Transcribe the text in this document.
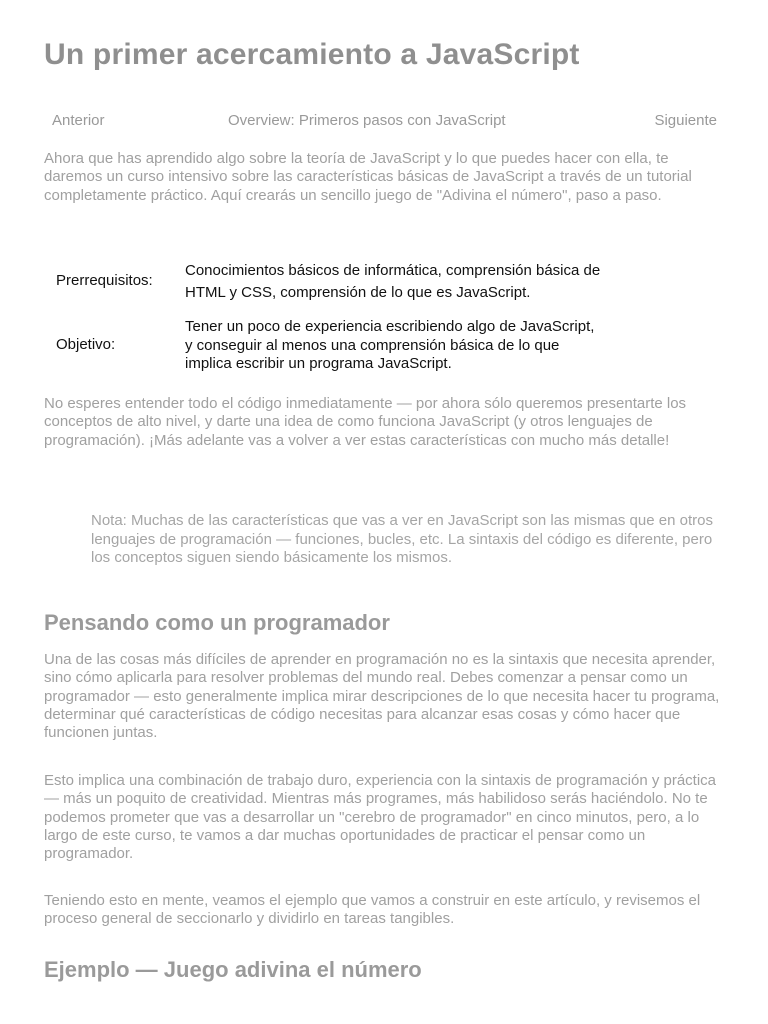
Un primer acercamiento a JavaScript
Anterior	Overview: Primeros pasos con JavaScript	Siguiente

Ahora que has aprendido algo sobre la teoría de JavaScript y lo que puedes hacer con ella, te daremos un curso intensivo sobre las características básicas de JavaScript a través de un tutorial completamente práctico. Aquí crearás un sencillo juego de "Adivina el número", paso a paso.

Prerrequisitos:
Conocimientos básicos de informática, comprensión básica de
HTML y CSS, comprensión de lo que es JavaScript.
Objetivo:
Tener un poco de experiencia escribiendo algo de JavaScript,
y conseguir al menos una comprensión básica de lo que
implica escribir un programa JavaScript.

No esperes entender todo el código inmediatamente — por ahora sólo queremos presentarte los conceptos de alto nivel, y darte una idea de como funciona JavaScript (y otros lenguajes de programación). ¡Más adelante vas a volver a ver estas características con mucho más detalle!

Nota: Muchas de las características que vas a ver en JavaScript son las mismas que en otros lenguajes de programación — funciones, bucles, etc. La sintaxis del código es diferente, pero los conceptos siguen siendo básicamente los mismos.

Pensando como un programador

Una de las cosas más difíciles de aprender en programación no es la sintaxis que necesita aprender, sino cómo aplicarla para resolver problemas del mundo real. Debes comenzar a pensar como un programador — esto generalmente implica mirar descripciones de lo que necesita hacer tu programa, determinar qué características de código necesitas para alcanzar esas cosas y cómo hacer que funcionen juntas.

Esto implica una combinación de trabajo duro, experiencia con la sintaxis de programación y práctica — más un poquito de creatividad. Mientras más programes, más habilidoso serás haciéndolo. No te podemos prometer que vas a desarrollar un "cerebro de programador" en cinco minutos, pero, a lo largo de este curso, te vamos a dar muchas oportunidades de practicar el pensar como un programador.

Teniendo esto en mente, veamos el ejemplo que vamos a construir en este artículo, y revisemos el proceso general de seccionarlo y dividirlo en tareas tangibles.

Ejemplo — Juego adivina el número
